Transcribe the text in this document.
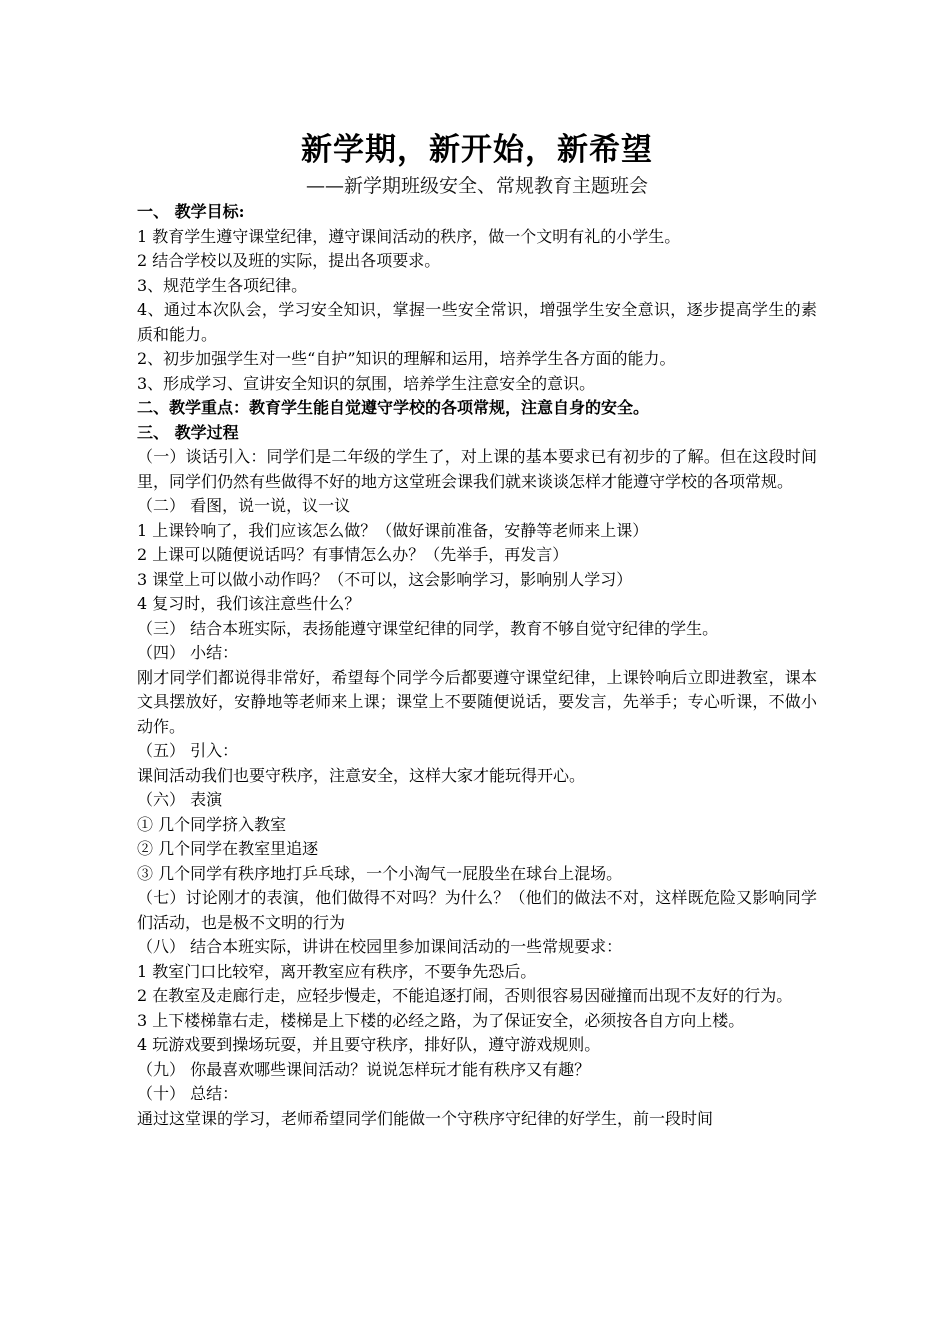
新学期，新开始，新希望

——新学期班级安全、常规教育主题班会

一、 教学目标:

1 教育学生遵守课堂纪律，遵守课间活动的秩序，做一个文明有礼的小学生。

2 结合学校以及班的实际，提出各项要求。

3、规范学生各项纪律。

4、通过本次队会，学习安全知识，掌握一些安全常识，增强学生安全意识，逐步提高学生的素质和能力。

2、初步加强学生对一些“自护”知识的理解和运用，培养学生各方面的能力。

3、形成学习、宣讲安全知识的氛围，培养学生注意安全的意识。

二、教学重点：教育学生能自觉遵守学校的各项常规，注意自身的安全。

三、 教学过程

（一）谈话引入：同学们是二年级的学生了，对上课的基本要求已有初步的了解。但在这段时间里，同学们仍然有些做得不好的地方这堂班会课我们就来谈谈怎样才能遵守学校的各项常规。

（二） 看图，说一说，议一议

1 上课铃响了，我们应该怎么做？（做好课前准备，安静等老师来上课）

2 上课可以随便说话吗？有事情怎么办？（先举手，再发言）

3 课堂上可以做小动作吗？（不可以，这会影响学习，影响别人学习）

4 复习时，我们该注意些什么？

（三） 结合本班实际，表扬能遵守课堂纪律的同学，教育不够自觉守纪律的学生。

（四） 小结：

刚才同学们都说得非常好，希望每个同学今后都要遵守课堂纪律，上课铃响后立即进教室，课本文具摆放好，安静地等老师来上课；课堂上不要随便说话，要发言，先举手；专心听课，不做小动作。

（五） 引入：

课间活动我们也要守秩序，注意安全，这样大家才能玩得开心。

（六） 表演

① 几个同学挤入教室

② 几个同学在教室里追逐

③ 几个同学有秩序地打乒乓球，一个小淘气一屁股坐在球台上混场。

（七）讨论刚才的表演，他们做得不对吗？为什么？（他们的做法不对，这样既危险又影响同学们活动，也是极不文明的行为

（八） 结合本班实际，讲讲在校园里参加课间活动的一些常规要求：

1 教室门口比较窄，离开教室应有秩序，不要争先恐后。

2 在教室及走廊行走，应轻步慢走，不能追逐打闹，否则很容易因碰撞而出现不友好的行为。

3 上下楼梯靠右走，楼梯是上下楼的必经之路，为了保证安全，必须按各自方向上楼。

4 玩游戏要到操场玩耍，并且要守秩序，排好队，遵守游戏规则。

（九） 你最喜欢哪些课间活动？说说怎样玩才能有秩序又有趣？

（十） 总结：

通过这堂课的学习，老师希望同学们能做一个守秩序守纪律的好学生，前一段时间
